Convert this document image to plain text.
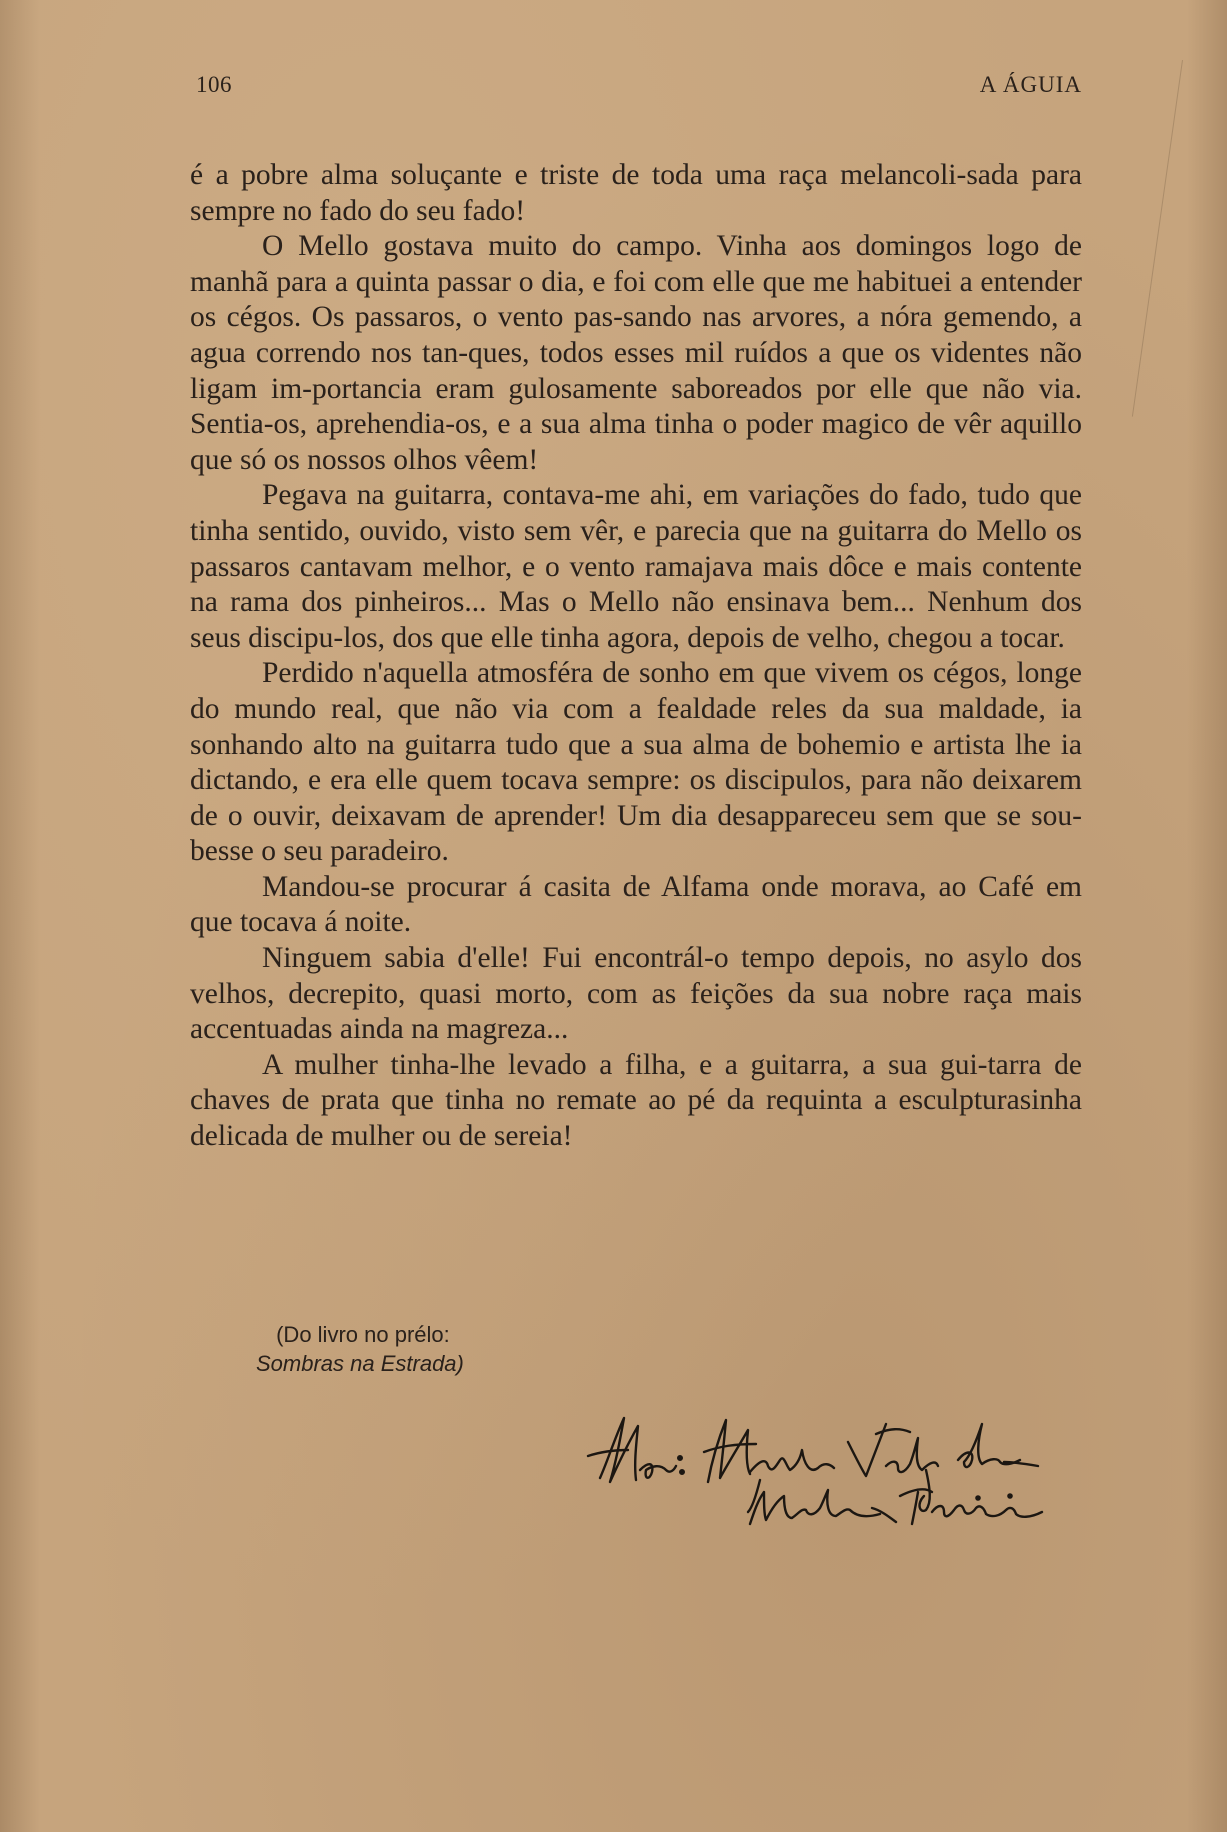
106	A ÁGUIA

é a pobre alma soluçante e triste de toda uma raça melancoli-sada para sempre no fado do seu fado!

O Mello gostava muito do campo. Vinha aos domingos logo de manhã para a quinta passar o dia, e foi com elle que me habituei a entender os cégos. Os passaros, o vento pas-sando nas arvores, a nóra gemendo, a agua correndo nos tan-ques, todos esses mil ruídos a que os videntes não ligam im-portancia eram gulosamente saboreados por elle que não via. Sentia-os, aprehendia-os, e a sua alma tinha o poder magico de vêr aquillo que só os nossos olhos vêem!

Pegava na guitarra, contava-me ahi, em variações do fado, tudo que tinha sentido, ouvido, visto sem vêr, e parecia que na guitarra do Mello os passaros cantavam melhor, e o vento ramajava mais dôce e mais contente na rama dos pinheiros... Mas o Mello não ensinava bem... Nenhum dos seus discipu-los, dos que elle tinha agora, depois de velho, chegou a tocar.

Perdido n'aquella atmosféra de sonho em que vivem os cégos, longe do mundo real, que não via com a fealdade reles da sua maldade, ia sonhando alto na guitarra tudo que a sua alma de bohemio e artista lhe ia dictando, e era elle quem tocava sempre: os discipulos, para não deixarem de o ouvir, deixavam de aprender! Um dia desappareceu sem que se sou-besse o seu paradeiro.

Mandou-se procurar á casita de Alfama onde morava, ao Café em que tocava á noite.

Ninguem sabia d'elle! Fui encontrál-o tempo depois, no asylo dos velhos, decrepito, quasi morto, com as feições da sua nobre raça mais accentuadas ainda na magreza...

A mulher tinha-lhe levado a filha, e a guitarra, a sua gui-tarra de chaves de prata que tinha no remate ao pé da requinta a esculpturasinha delicada de mulher ou de sereia!

(Do livro no prélo:
Sombras na Estrada)
